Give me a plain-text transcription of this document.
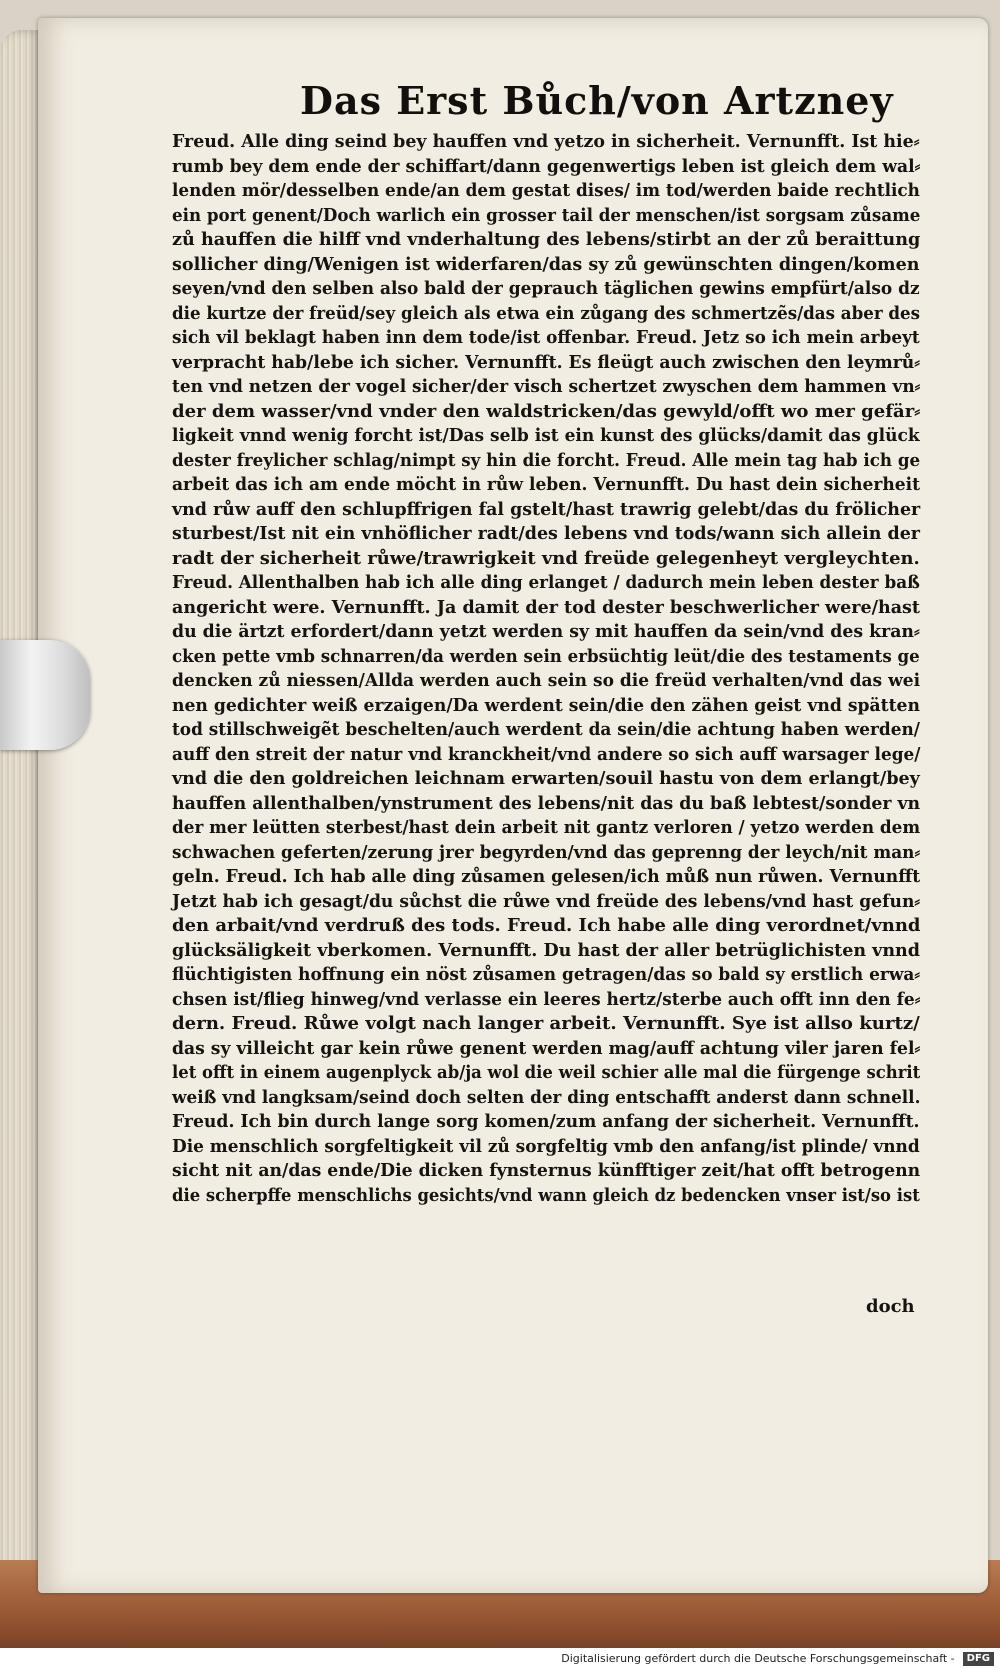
Das Erst Bůch/von Artzney
Freud. Alle ding seind bey hauffen vnd yetzo in sicherheit. Vernunfft. Ist hie⸗
rumb bey dem ende der schiffart/dann gegenwertigs leben ist gleich dem wal⸗
lenden mör/desselben ende/an dem gestat dises/ im tod/werden baide rechtlich
ein port genent/Doch warlich ein grosser tail der menschen/ist sorgsam zůsame
zů hauffen die hilff vnd vnderhaltung des lebens/stirbt an der zů beraittung
sollicher ding/Wenigen ist widerfaren/das sy zů gewünschten dingen/komen
seyen/vnd den selben also bald der geprauch täglichen gewins empfürt/also dz
die kurtze der freüd/sey gleich als etwa ein zůgang des schmertzẽs/das aber des
sich vil beklagt haben inn dem tode/ist offenbar. Freud. Jetz so ich mein arbeyt
verpracht hab/lebe ich sicher. Vernunfft. Es fleügt auch zwischen den leymrů⸗
ten vnd netzen der vogel sicher/der visch schertzet zwyschen dem hammen vn⸗
der dem wasser/vnd vnder den waldstricken/das gewyld/offt wo mer gefär⸗
ligkeit vnnd wenig forcht ist/Das selb ist ein kunst des glücks/damit das glück
dester freylicher schlag/nimpt sy hin die forcht. Freud. Alle mein tag hab ich ge
arbeit das ich am ende möcht in růw leben. Vernunfft. Du hast dein sicherheit
vnd růw auff den schlupffrigen fal gstelt/hast trawrig gelebt/das du frölicher
sturbest/Ist nit ein vnhöflicher radt/des lebens vnd tods/wann sich allein der
radt der sicherheit růwe/trawrigkeit vnd freüde gelegenheyt vergleychten.
Freud. Allenthalben hab ich alle ding erlanget / dadurch mein leben dester baß
angericht were. Vernunfft. Ja damit der tod dester beschwerlicher were/hast
du die ärtzt erfordert/dann yetzt werden sy mit hauffen da sein/vnd des kran⸗
cken pette vmb schnarren/da werden sein erbsüchtig leüt/die des testaments ge
dencken zů niessen/Allda werden auch sein so die freüd verhalten/vnd das wei
nen gedichter weiß erzaigen/Da werdent sein/die den zähen geist vnd spätten
tod stillschweigẽt beschelten/auch werdent da sein/die achtung haben werden/
auff den streit der natur vnd kranckheit/vnd andere so sich auff warsager lege/
vnd die den goldreichen leichnam erwarten/souil hastu von dem erlangt/bey
hauffen allenthalben/ynstrument des lebens/nit das du baß lebtest/sonder vn
der mer leütten sterbest/hast dein arbeit nit gantz verloren / yetzo werden dem
schwachen geferten/zerung jrer begyrden/vnd das geprenng der leych/nit man⸗
geln. Freud. Ich hab alle ding zůsamen gelesen/ich můß nun růwen. Vernunfft
Jetzt hab ich gesagt/du sůchst die růwe vnd freüde des lebens/vnd hast gefun⸗
den arbait/vnd verdruß des tods. Freud. Ich habe alle ding verordnet/vnnd
glücksäligkeit vberkomen. Vernunfft. Du hast der aller betrüglichisten vnnd
flüchtigisten hoffnung ein nöst zůsamen getragen/das so bald sy erstlich erwa⸗
chsen ist/flieg hinweg/vnd verlasse ein leeres hertz/sterbe auch offt inn den fe⸗
dern. Freud. Růwe volgt nach langer arbeit. Vernunfft. Sye ist allso kurtz/
das sy villeicht gar kein růwe genent werden mag/auff achtung viler jaren fel⸗
let offt in einem augenplyck ab/ja wol die weil schier alle mal die fürgenge schrit
weiß vnd langksam/seind doch selten der ding entschafft anderst dann schnell.
Freud. Ich bin durch lange sorg komen/zum anfang der sicherheit. Vernunfft.
Die menschlich sorgfeltigkeit vil zů sorgfeltig vmb den anfang/ist plinde/ vnnd
sicht nit an/das ende/Die dicken fynsternus künfftiger zeit/hat offt betrogenn
die scherpffe menschlichs gesichts/vnd wann gleich dz bedencken vnser ist/so ist
doch
Digitalisierung gefördert durch die Deutsche Forschungsgemeinschaft - DFG
